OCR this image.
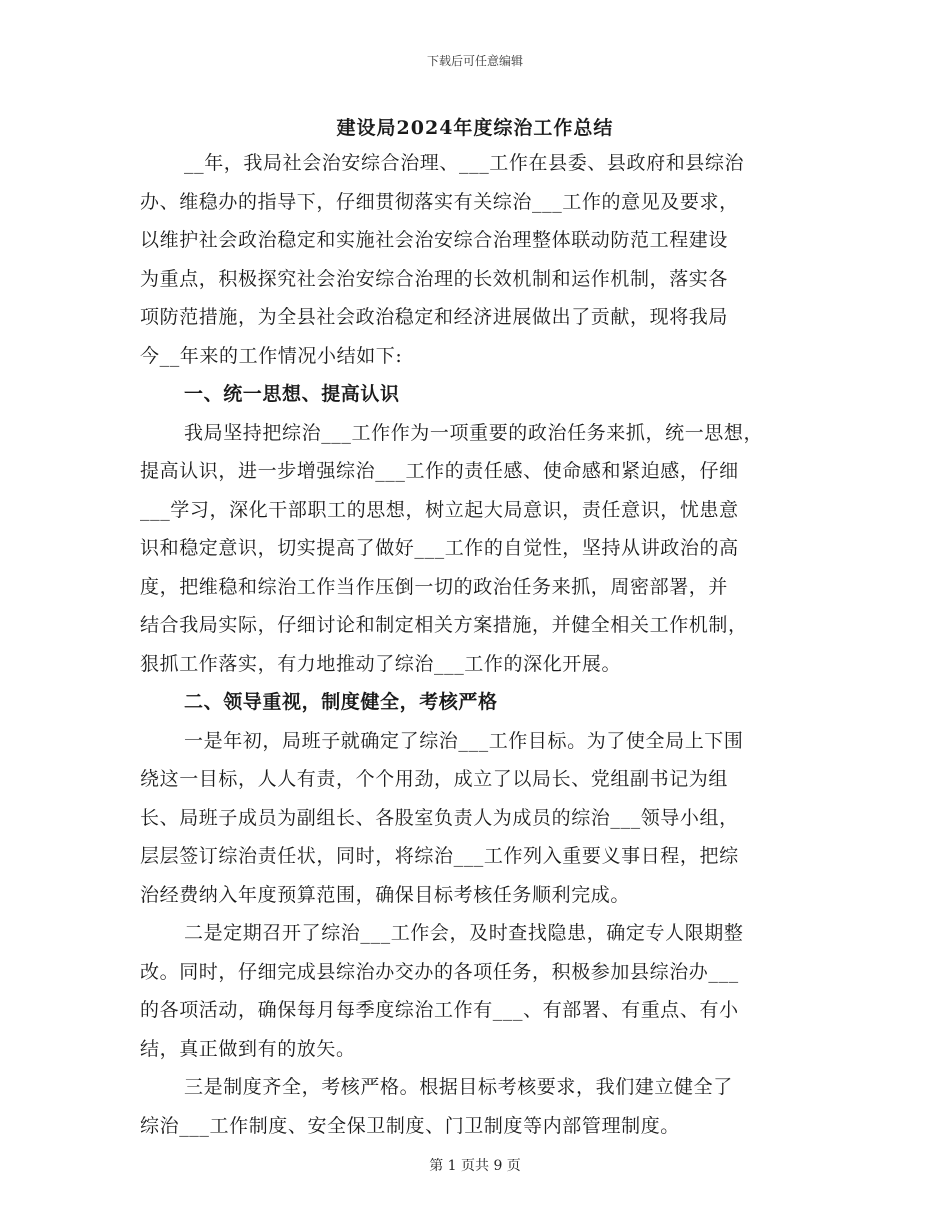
下载后可任意编辑
建设局2024年度综治工作总结
__年，我局社会治安综合治理、___工作在县委、县政府和县综治
办、维稳办的指导下，仔细贯彻落实有关综治___工作的意见及要求，
以维护社会政治稳定和实施社会治安综合治理整体联动防范工程建设
为重点，积极探究社会治安综合治理的长效机制和运作机制，落实各
项防范措施，为全县社会政治稳定和经济进展做出了贡献，现将我局
今__年来的工作情况小结如下:
一、统一思想、提高认识
我局坚持把综治___工作作为一项重要的政治任务来抓，统一思想，
提高认识，进一步增强综治___工作的责任感、使命感和紧迫感，仔细
___学习，深化干部职工的思想，树立起大局意识，责任意识，忧患意
识和稳定意识，切实提高了做好___工作的自觉性，坚持从讲政治的高
度，把维稳和综治工作当作压倒一切的政治任务来抓，周密部署，并
结合我局实际，仔细讨论和制定相关方案措施，并健全相关工作机制，
狠抓工作落实，有力地推动了综治___工作的深化开展。
二、领导重视，制度健全，考核严格
一是年初，局班子就确定了综治___工作目标。为了使全局上下围
绕这一目标，人人有责，个个用劲，成立了以局长、党组副书记为组
长、局班子成员为副组长、各股室负责人为成员的综治___领导小组，
层层签订综治责任状，同时，将综治___工作列入重要义事日程，把综
治经费纳入年度预算范围，确保目标考核任务顺利完成。
二是定期召开了综治___工作会，及时查找隐患，确定专人限期整
改。同时，仔细完成县综治办交办的各项任务，积极参加县综治办___
的各项活动，确保每月每季度综治工作有___、有部署、有重点、有小
结，真正做到有的放矢。
三是制度齐全，考核严格。根据目标考核要求，我们建立健全了
综治___工作制度、安全保卫制度、门卫制度等内部管理制度。
第 1 页共 9 页
